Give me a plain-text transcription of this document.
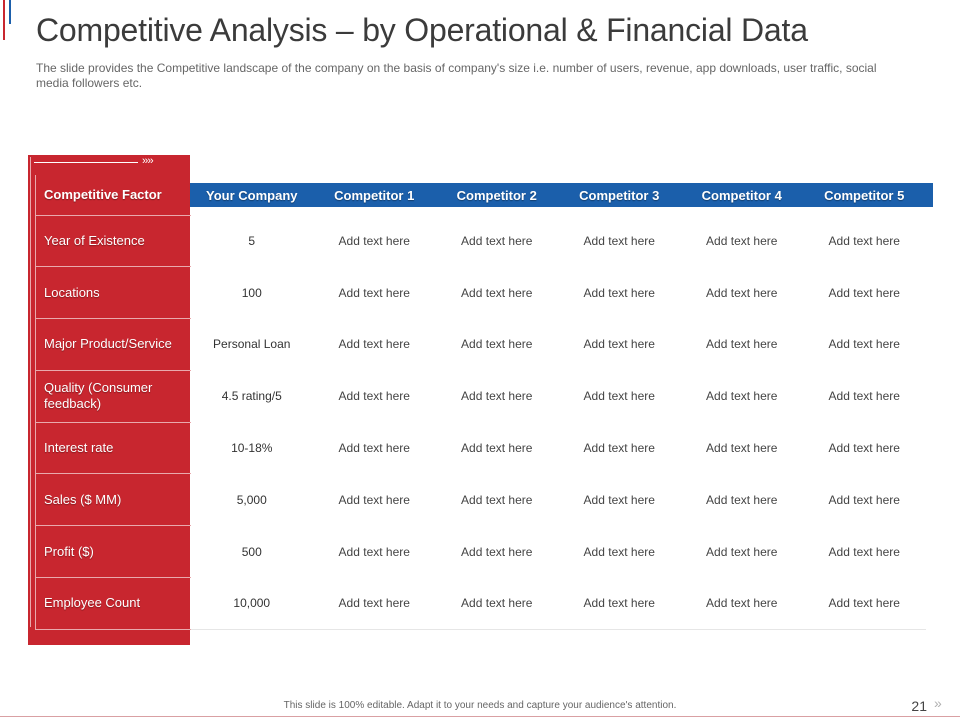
Competitive Analysis – by Operational & Financial Data
The slide provides the Competitive landscape of the company on the basis of company's size i.e. number of users, revenue, app downloads, user traffic, social media followers etc.
››››
Competitive Factor	Your Company	Competitor 1	Competitor 2	Competitor 3	Competitor 4	Competitor 5
Year of Existence	5	Add text here	Add text here	Add text here	Add text here	Add text here
Locations	100	Add text here	Add text here	Add text here	Add text here	Add text here
Major Product/Service	Personal Loan	Add text here	Add text here	Add text here	Add text here	Add text here
Quality (Consumer feedback)	4.5 rating/5	Add text here	Add text here	Add text here	Add text here	Add text here
Interest rate	10-18%	Add text here	Add text here	Add text here	Add text here	Add text here
Sales ($ MM)	5,000	Add text here	Add text here	Add text here	Add text here	Add text here
Profit ($)	500	Add text here	Add text here	Add text here	Add text here	Add text here
Employee Count	10,000	Add text here	Add text here	Add text here	Add text here	Add text here
This slide is 100% editable. Adapt it to your needs and capture your audience's attention.	21 »
